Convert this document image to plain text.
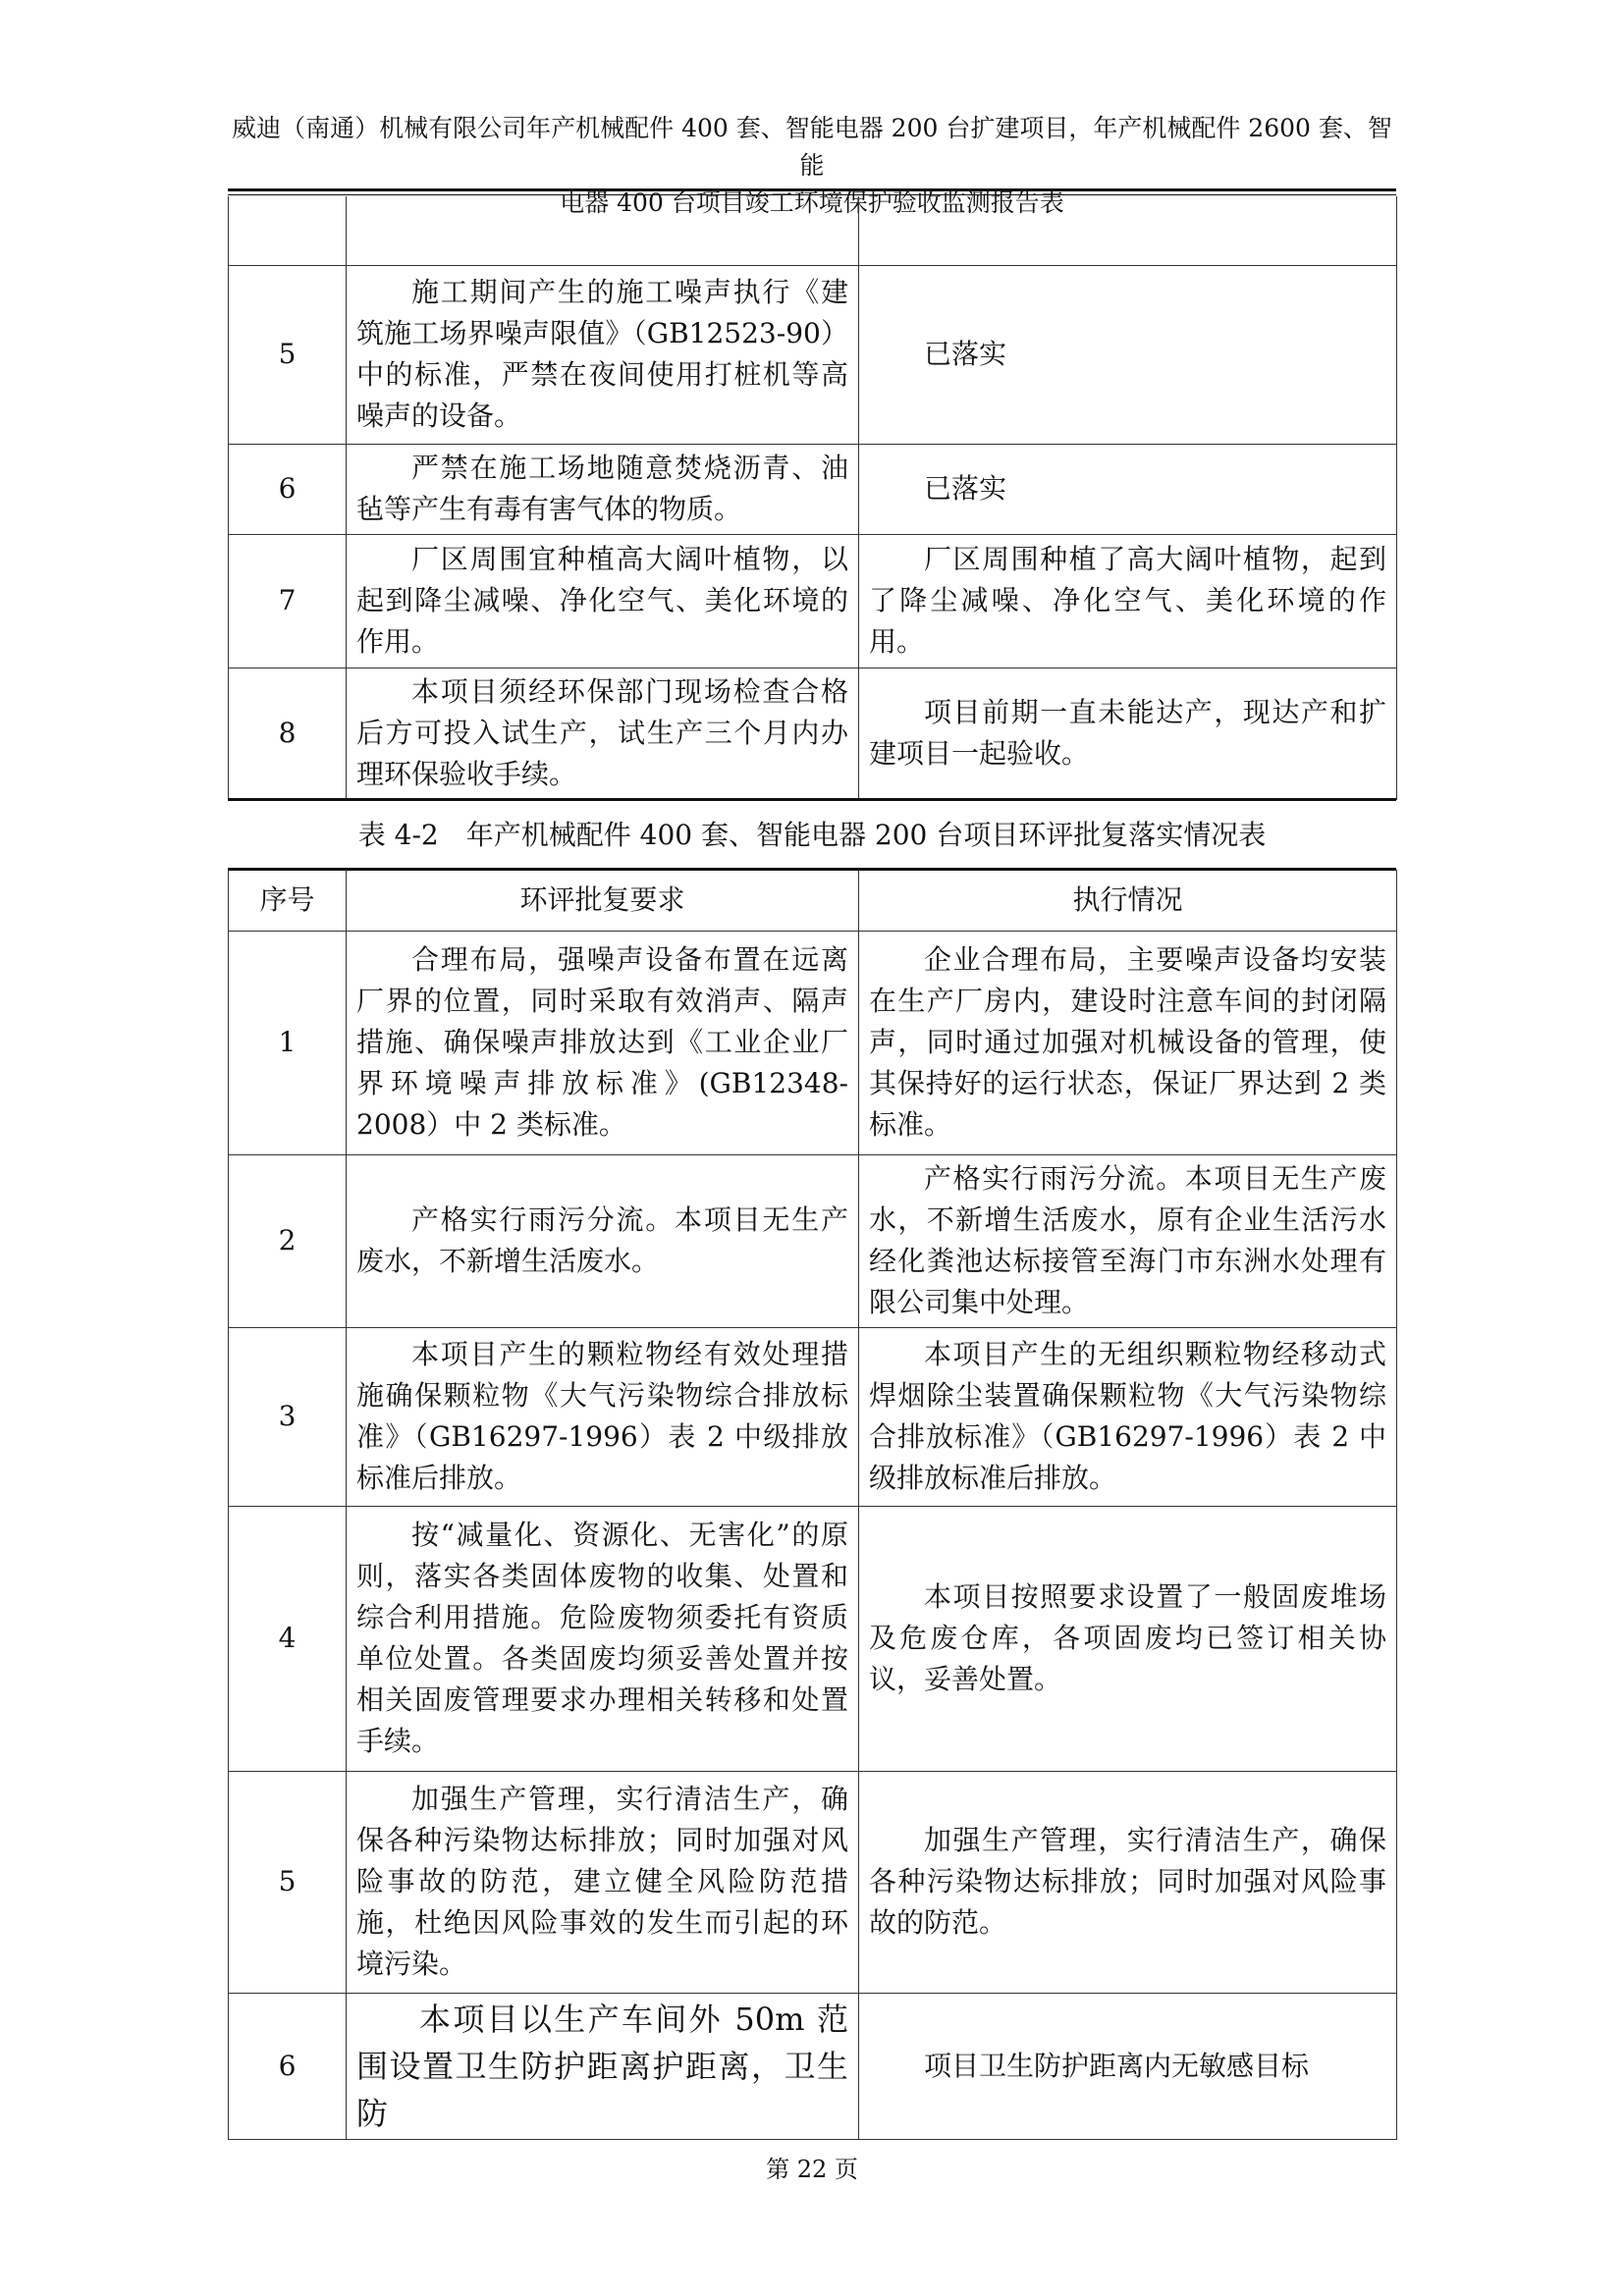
威迪（南通）机械有限公司年产机械配件 400 套、智能电器 200 台扩建项目，年产机械配件 2600 套、智能
电器 400 台项目竣工环境保护验收监测报告表

5	施工期间产生的施工噪声执行《建筑施工场界噪声限值》（GB12523-90）中的标准，严禁在夜间使用打桩机等高噪声的设备。	已落实
6	严禁在施工场地随意焚烧沥青、油毡等产生有毒有害气体的物质。	已落实
7	厂区周围宜种植高大阔叶植物，以起到降尘减噪、净化空气、美化环境的作用。	厂区周围种植了高大阔叶植物，起到了降尘减噪、净化空气、美化环境的作用。
8	本项目须经环保部门现场检查合格后方可投入试生产，试生产三个月内办理环保验收手续。	项目前期一直未能达产，现达产和扩建项目一起验收。
表 4-2　年产机械配件 400 套、智能电器 200 台项目环评批复落实情况表
序号	环评批复要求	执行情况
1	合理布局，强噪声设备布置在远离厂界的位置，同时采取有效消声、隔声措施、确保噪声排放达到《工业企业厂界环境噪声排放标准》(GB12348-2008）中 2 类标准。	企业合理布局，主要噪声设备均安装在生产厂房内，建设时注意车间的封闭隔声，同时通过加强对机械设备的管理，使其保持好的运行状态，保证厂界达到 2 类标准。
2	产格实行雨污分流。本项目无生产废水，不新增生活废水。	产格实行雨污分流。本项目无生产废水，不新增生活废水，原有企业生活污水经化粪池达标接管至海门市东洲水处理有限公司集中处理。
3	本项目产生的颗粒物经有效处理措施确保颗粒物《大气污染物综合排放标准》（GB16297-1996）表 2 中级排放标准后排放。	本项目产生的无组织颗粒物经移动式焊烟除尘装置确保颗粒物《大气污染物综合排放标准》（GB16297-1996）表 2 中级排放标准后排放。
4	按“减量化、资源化、无害化”的原则，落实各类固体废物的收集、处置和综合利用措施。危险废物须委托有资质单位处置。各类固废均须妥善处置并按相关固废管理要求办理相关转移和处置手续。	本项目按照要求设置了一般固废堆场及危废仓库，各项固废均已签订相关协议，妥善处置。
5	加强生产管理，实行清洁生产，确保各种污染物达标排放；同时加强对风险事故的防范，建立健全风险防范措施，杜绝因风险事效的发生而引起的环境污染。	加强生产管理，实行清洁生产，确保各种污染物达标排放；同时加强对风险事故的防范。
6	本项目以生产车间外 50m 范围设置卫生防护距离护距离，卫生防	项目卫生防护距离内无敏感目标
第 22 页
